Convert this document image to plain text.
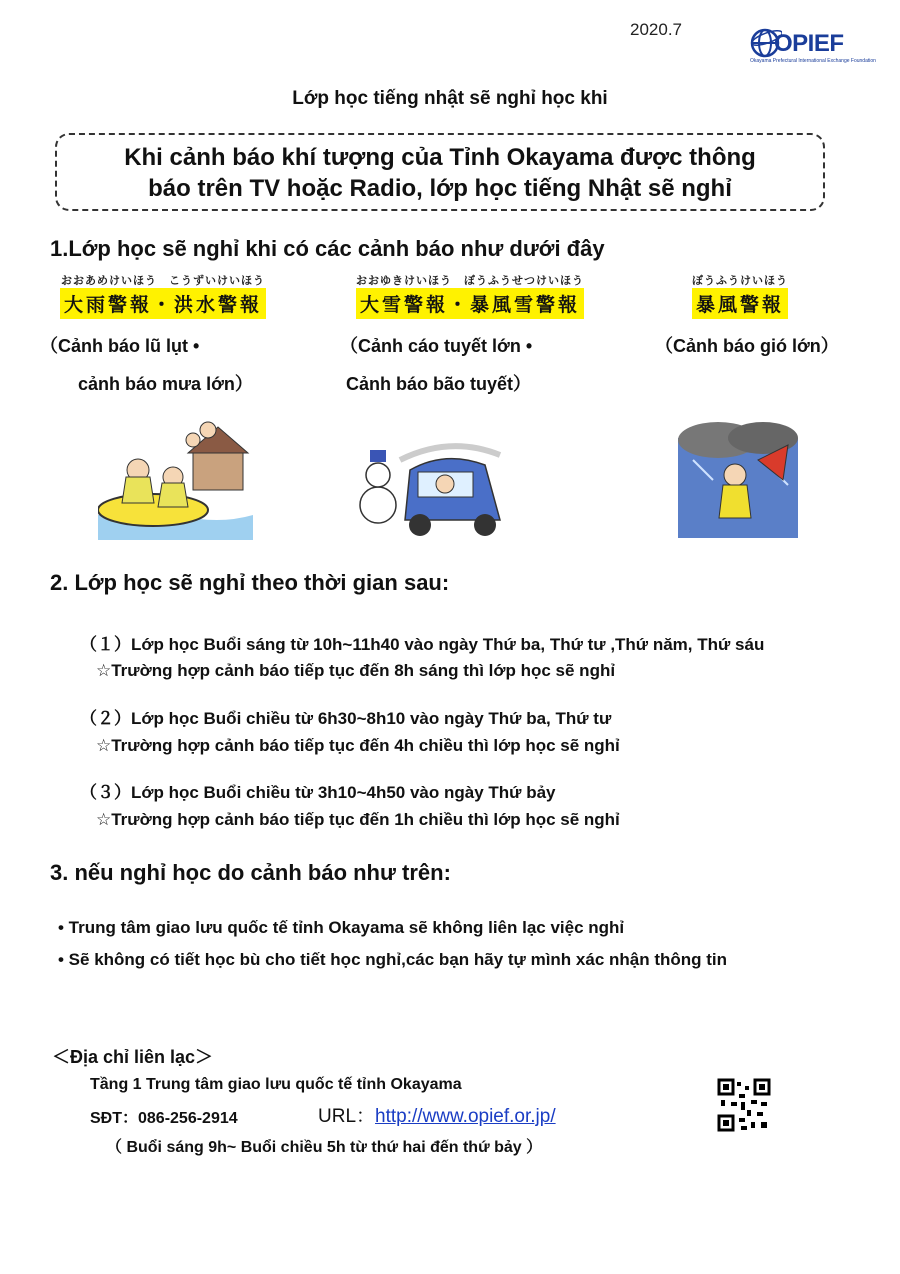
2020.7
OPIEF
Okayama Prefectural International Exchange Foundation
Lớp học tiếng nhật sẽ nghỉ học khi
Khi cảnh báo khí tượng của Tỉnh Okayama được thông
báo trên TV hoặc Radio, lớp học tiếng Nhật sẽ nghỉ
1.Lớp học sẽ nghỉ khi có các cảnh báo như dưới đây
おおあめけいほう　こうずいけいほう
大雨警報・洪水警報
おおゆきけいほう　ぼうふうせつけいほう
大雪警報・暴風雪警報
ぼうふうけいほう
暴風警報
（Cảnh báo lũ lụt •
cảnh báo mưa lớn）
（Cảnh cáo tuyết lớn •
Cảnh báo bão tuyết）
（Cảnh báo gió lớn）
2. Lớp học sẽ nghỉ theo thời gian sau:
（１）Lớp học Buổi sáng từ 10h~11h40 vào ngày Thứ ba, Thứ tư ,Thứ năm, Thứ sáu
☆Trường hợp cảnh báo tiếp tục đến 8h sáng thì lớp học sẽ nghỉ
（２）Lớp học Buổi chiều từ 6h30~8h10 vào ngày Thứ ba, Thứ tư
☆Trường hợp cảnh báo tiếp tục đến 4h chiều thì lớp học sẽ nghỉ
（３）Lớp học Buổi chiều từ 3h10~4h50 vào ngày Thứ bảy
☆Trường hợp cảnh báo tiếp tục đến 1h chiều thì lớp học sẽ nghỉ
3. nếu nghỉ học do cảnh báo như trên:
• Trung tâm giao lưu quốc tế tỉnh Okayama sẽ không liên lạc việc nghỉ
• Sẽ không có tiết học bù cho tiết học nghỉ,các bạn hãy tự mình xác nhận thông tin
＜Địa chỉ liên lạc＞
Tầng 1 Trung tâm giao lưu quốc tế tỉnh Okayama
SĐT：086-256-2914	URL：http://www.opief.or.jp/
（ Buổi sáng 9h~ Buổi chiều 5h từ thứ hai đến thứ bảy ）
